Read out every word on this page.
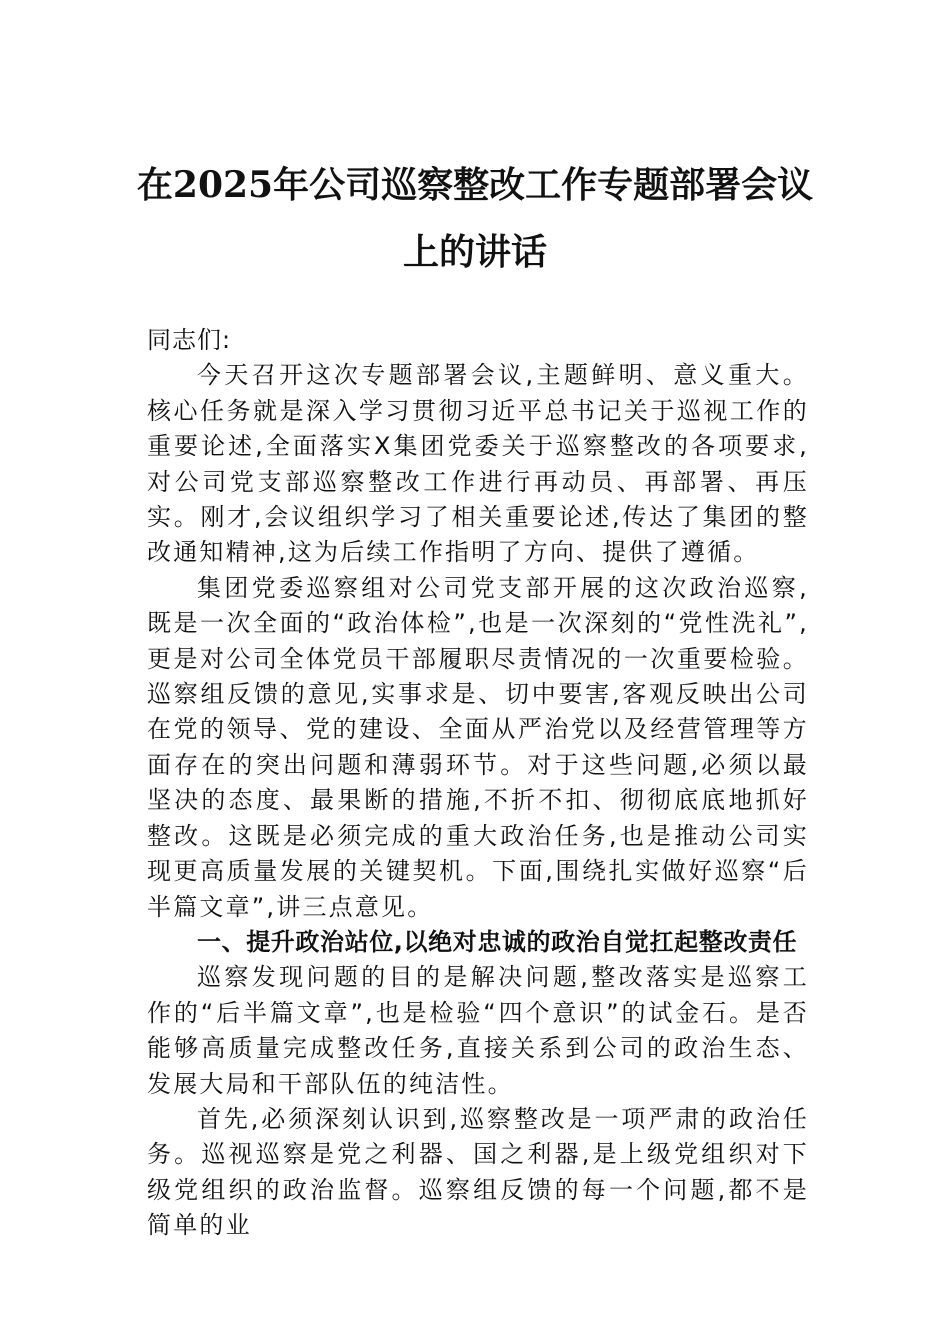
在2025年公司巡察整改工作专题部署会议
上的讲话

同志们:

今天召开这次专题部署会议,主题鲜明、意义重大。核心任务就是深入学习贯彻习近平总书记关于巡视工作的重要论述,全面落实X集团党委关于巡察整改的各项要求,对公司党支部巡察整改工作进行再动员、再部署、再压实。刚才,会议组织学习了相关重要论述,传达了集团的整改通知精神,这为后续工作指明了方向、提供了遵循。

集团党委巡察组对公司党支部开展的这次政治巡察,既是一次全面的“政治体检”,也是一次深刻的“党性洗礼”,更是对公司全体党员干部履职尽责情况的一次重要检验。巡察组反馈的意见,实事求是、切中要害,客观反映出公司在党的领导、党的建设、全面从严治党以及经营管理等方面存在的突出问题和薄弱环节。对于这些问题,必须以最坚决的态度、最果断的措施,不折不扣、彻彻底底地抓好整改。这既是必须完成的重大政治任务,也是推动公司实现更高质量发展的关键契机。下面,围绕扎实做好巡察“后半篇文章”,讲三点意见。

一、提升政治站位,以绝对忠诚的政治自觉扛起整改责任

巡察发现问题的目的是解决问题,整改落实是巡察工作的“后半篇文章”,也是检验“四个意识”的试金石。是否能够高质量完成整改任务,直接关系到公司的政治生态、发展大局和干部队伍的纯洁性。

首先,必须深刻认识到,巡察整改是一项严肃的政治任务。巡视巡察是党之利器、国之利器,是上级党组织对下级党组织的政治监督。巡察组反馈的每一个问题,都不是简单的业
